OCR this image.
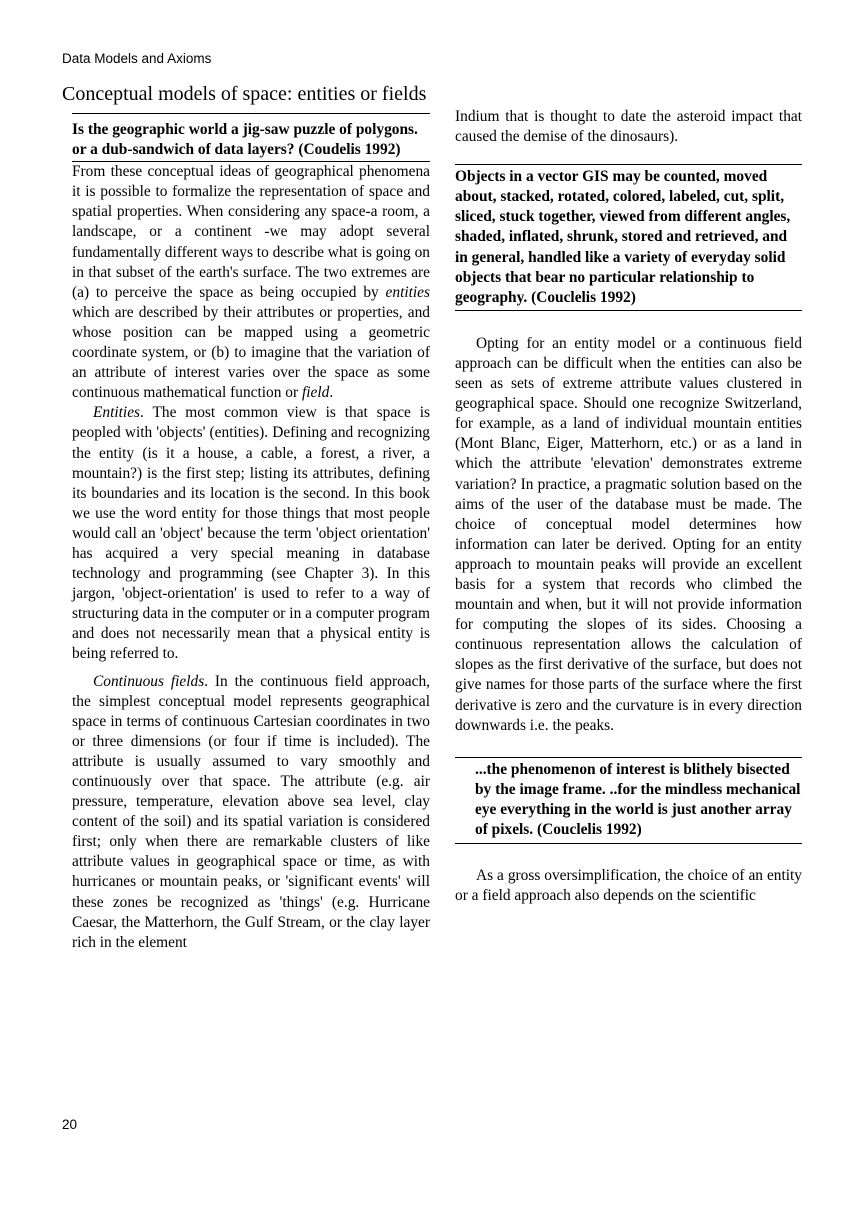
Data Models and Axioms
Conceptual models of space: entities or fields
Is the geographic world a jig-saw puzzle of polygons. or a dub-sandwich of data layers? (Coudelis 1992)

From these conceptual ideas of geographical phenomena it is possible to formalize the representation of space and spatial properties. When considering any space-a room, a landscape, or a continent -we may adopt several fundamentally different ways to describe what is going on in that subset of the earth's surface. The two extremes are (a) to perceive the space as being occupied by entities which are described by their attributes or properties, and whose position can be mapped using a geometric coordinate system, or (b) to imagine that the variation of an attribute of interest varies over the space as some continuous mathematical function or field.

Entities. The most common view is that space is peopled with 'objects' (entities). Defining and recognizing the entity (is it a house, a cable, a forest, a river, a mountain?) is the first step; listing its attributes, defining its boundaries and its location is the second. In this book we use the word entity for those things that most people would call an 'object' because the term 'object orientation' has acquired a very special meaning in database technology and programming (see Chapter 3). In this jargon, 'object-orientation' is used to refer to a way of structuring data in the computer or in a computer program and does not necessarily mean that a physical entity is being referred to.

Continuous fields. In the continuous field approach, the simplest conceptual model represents geographical space in terms of continuous Cartesian coordinates in two or three dimensions (or four if time is included). The attribute is usually assumed to vary smoothly and continuously over that space. The attribute (e.g. air pressure, temperature, elevation above sea level, clay content of the soil) and its spatial variation is considered first; only when there are remarkable clusters of like attribute values in geographical space or time, as with hurricanes or mountain peaks, or 'significant events' will these zones be recognized as 'things' (e.g. Hurricane Caesar, the Matterhorn, the Gulf Stream, or the clay layer rich in the element

Indium that is thought to date the asteroid impact that caused the demise of the dinosaurs).

Objects in a vector GIS may be counted, moved about, stacked, rotated, colored, labeled, cut, split, sliced, stuck together, viewed from different angles, shaded, inflated, shrunk, stored and retrieved, and in general, handled like a variety of everyday solid objects that bear no particular relationship to geography. (Couclelis 1992)

Opting for an entity model or a continuous field approach can be difficult when the entities can also be seen as sets of extreme attribute values clustered in geographical space. Should one recognize Switzerland, for example, as a land of individual mountain entities (Mont Blanc, Eiger, Matterhorn, etc.) or as a land in which the attribute 'elevation' demonstrates extreme variation? In practice, a pragmatic solution based on the aims of the user of the database must be made. The choice of conceptual model determines how information can later be derived. Opting for an entity approach to mountain peaks will provide an excellent basis for a system that records who climbed the mountain and when, but it will not provide information for computing the slopes of its sides. Choosing a continuous representation allows the calculation of slopes as the first derivative of the surface, but does not give names for those parts of the surface where the first derivative is zero and the curvature is in every direction downwards i.e. the peaks.

...the phenomenon of interest is blithely bisected by the image frame. ..for the mindless mechanical eye everything in the world is just another array of pixels. (Couclelis 1992)

As a gross oversimplification, the choice of an entity or a field approach also depends on the scientific

20
